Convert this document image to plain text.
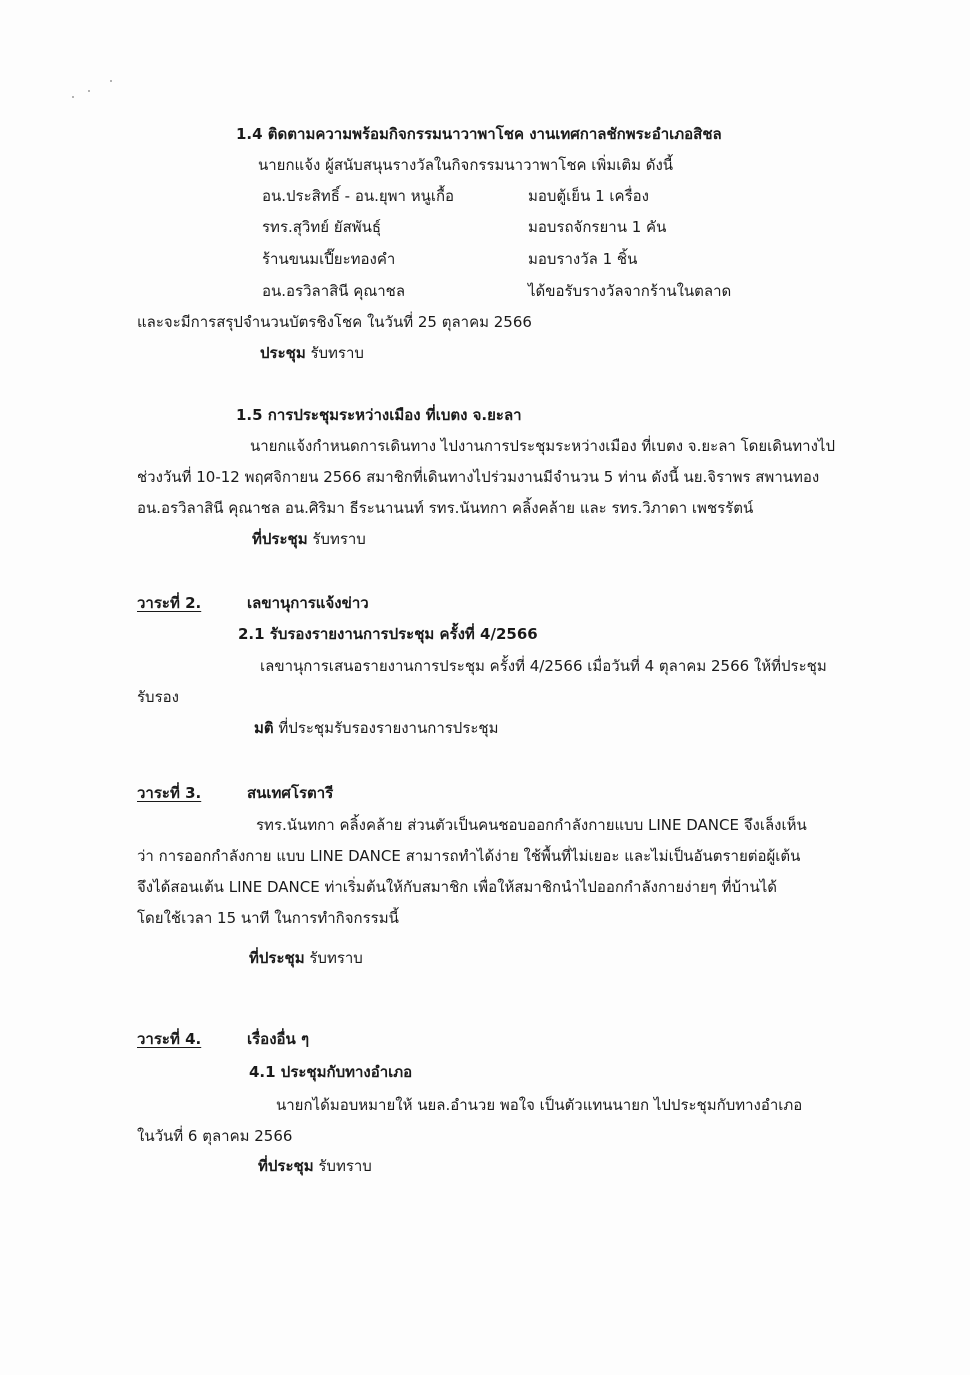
1.4 ติดตามความพร้อมกิจกรรมนาวาพาโชค งานเทศกาลชักพระอำเภอสิชล
นายกแจ้ง ผู้สนับสนุนรางวัลในกิจกรรมนาวาพาโชค เพิ่มเติม ดังนี้
อน.ประสิทธิ์ - อน.ยุพา หนูเกื้อ	มอบตู้เย็น 1 เครื่อง
รทร.สุวิทย์ ยัสพันธุ์	มอบรถจักรยาน 1 คัน
ร้านขนมเปี๊ยะทองคำ	มอบรางวัล 1 ชิ้น
อน.อรวิลาสินี คุณาชล	ได้ขอรับรางวัลจากร้านในตลาด
และจะมีการสรุปจำนวนบัตรชิงโชค ในวันที่ 25 ตุลาคม 2566
ประชุม รับทราบ
1.5 การประชุมระหว่างเมือง ที่เบตง จ.ยะลา
นายกแจ้งกำหนดการเดินทาง ไปงานการประชุมระหว่างเมือง ที่เบตง จ.ยะลา โดยเดินทางไป
ช่วงวันที่ 10-12 พฤศจิกายน 2566 สมาชิกที่เดินทางไปร่วมงานมีจำนวน 5 ท่าน ดังนี้ นย.จิราพร สพานทอง
อน.อรวิลาสินี คุณาชล อน.ศิริมา ธีระนานนท์ รทร.นันทกา คลิ้งคล้าย และ รทร.วิภาดา เพชรรัตน์
ที่ประชุม รับทราบ
วาระที่ 2.	เลขานุการแจ้งข่าว
2.1 รับรองรายงานการประชุม ครั้งที่ 4/2566
เลขานุการเสนอรายงานการประชุม ครั้งที่ 4/2566 เมื่อวันที่ 4 ตุลาคม 2566 ให้ที่ประชุม
รับรอง
มติ ที่ประชุมรับรองรายงานการประชุม
วาระที่ 3.	สนเทศโรตารี
รทร.นันทกา คลิ้งคล้าย ส่วนตัวเป็นคนชอบออกกำลังกายแบบ LINE DANCE จึงเล็งเห็น
ว่า การออกกำลังกาย แบบ LINE DANCE สามารถทำได้ง่าย ใช้พื้นที่ไม่เยอะ และไม่เป็นอันตรายต่อผู้เต้น
จึงได้สอนเต้น LINE DANCE ท่าเริ่มต้นให้กับสมาชิก เพื่อให้สมาชิกนำไปออกกำลังกายง่ายๆ ที่บ้านได้
โดยใช้เวลา 15 นาที ในการทำกิจกรรมนี้
ที่ประชุม รับทราบ
วาระที่ 4.	เรื่องอื่น ๆ
4.1 ประชุมกับทางอำเภอ
นายกได้มอบหมายให้ นยล.อำนวย พอใจ เป็นตัวแทนนายก ไปประชุมกับทางอำเภอ
ในวันที่ 6 ตุลาคม 2566
ที่ประชุม รับทราบ
